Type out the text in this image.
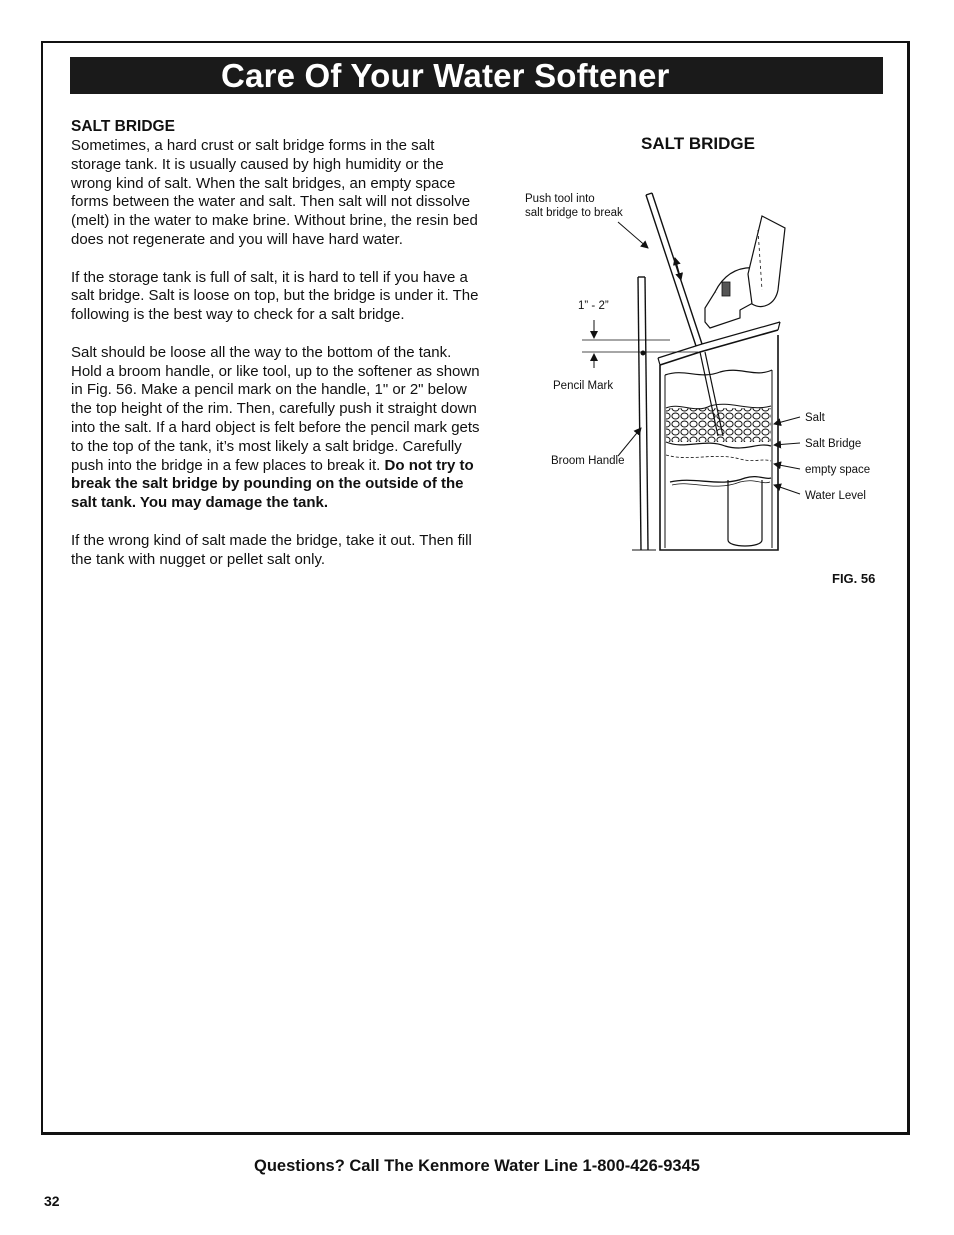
Care Of Your Water Softener
SALT BRIDGE

Sometimes, a hard crust or salt bridge forms in the salt storage tank. It is usually caused by high humidity or the wrong kind of salt. When the salt bridges, an empty space forms between the water and salt. Then salt will not dissolve (melt) in the water to make brine. Without brine, the resin bed does not regenerate and you will have hard water.

If the storage tank is full of salt, it is hard to tell if you have a salt bridge. Salt is loose on top, but the bridge is under it. The following is the best way to check for a salt bridge.

Salt should be loose all the way to the bottom of the tank. Hold a broom handle, or like tool, up to the softener as shown in Fig. 56. Make a pencil mark on the handle, 1" or 2" below the top height of the rim. Then, carefully push it straight down into the salt. If a hard object is felt before the pencil mark gets to the top of the tank, it’s most likely a salt bridge. Carefully push into the bridge in a few places to break it. Do not try to break the salt bridge by pounding on the outside of the salt tank. You may damage the tank.

If the wrong kind of salt made the bridge, take it out. Then fill the tank with nugget or pellet salt only.

SALT BRIDGE
Push tool into
salt bridge to break
1” - 2”
Pencil Mark
Broom Handle
Salt
Salt Bridge
empty space
Water Level
FIG. 56
Questions? Call The Kenmore Water Line 1-800-426-9345
32
